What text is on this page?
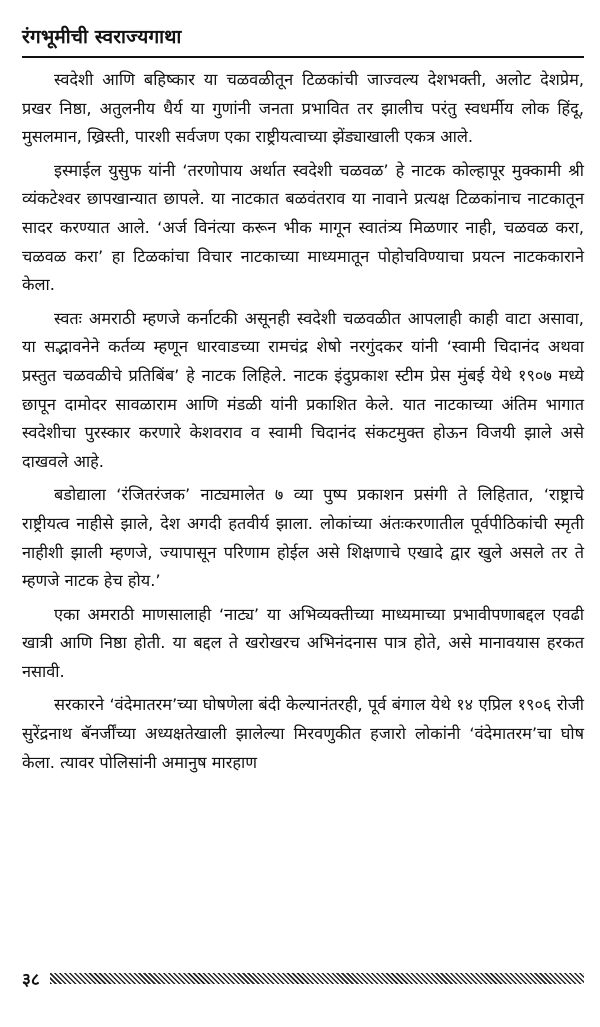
रंगभूमीची स्वराज्यगाथा

स्वदेशी आणि बहिष्कार या चळवळीतून टिळकांची जाज्वल्य देशभक्ती, अलोट देशप्रेम, प्रखर निष्ठा, अतुलनीय धैर्य या गुणांनी जनता प्रभावित तर झालीच परंतु स्वधर्मीय लोक हिंदू, मुसलमान, ख्रिस्ती, पारशी सर्वजण एका राष्ट्रीयत्वाच्या झेंड्याखाली एकत्र आले.

इस्माईल युसुफ यांनी ‘तरणोपाय अर्थात स्वदेशी चळवळ’ हे नाटक कोल्हापूर मुक्कामी श्री व्यंकटेश्वर छापखान्यात छापले. या नाटकात बळवंतराव या नावाने प्रत्यक्ष टिळकांनाच नाटकातून सादर करण्यात आले. ‘अर्ज विनंत्या करून भीक मागून स्वातंत्र्य मिळणार नाही, चळवळ करा, चळवळ करा’ हा टिळकांचा विचार नाटकाच्या माध्यमातून पोहोचविण्याचा प्रयत्न नाटककाराने केला.

स्वतः अमराठी म्हणजे कर्नाटकी असूनही स्वदेशी चळवळीत आपलाही काही वाटा असावा, या सद्भावनेने कर्तव्य म्हणून धारवाडच्या रामचंद्र शेषो नरगुंदकर यांनी ‘स्वामी चिदानंद अथवा प्रस्तुत चळवळीचे प्रतिबिंब’ हे नाटक लिहिले. नाटक इंदुप्रकाश स्टीम प्रेस मुंबई येथे १९०७ मध्ये छापून दामोदर सावळाराम आणि मंडळी यांनी प्रकाशित केले. यात नाटकाच्या अंतिम भागात स्वदेशीचा पुरस्कार करणारे केशवराव व स्वामी चिदानंद संकटमुक्त होऊन विजयी झाले असे दाखवले आहे.

बडोद्याला ‘रंजितरंजक’ नाट्यमालेत ७ व्या पुष्प प्रकाशन प्रसंगी ते लिहितात, ‘राष्ट्राचे राष्ट्रीयत्व नाहीसे झाले, देश अगदी हतवीर्य झाला. लोकांच्या अंतःकरणातील पूर्वपीठिकांची स्मृती नाहीशी झाली म्हणजे, ज्यापासून परिणाम होईल असे शिक्षणाचे एखादे द्वार खुले असले तर ते म्हणजे नाटक हेच होय.’

एका अमराठी माणसालाही ‘नाट्य’ या अभिव्यक्तीच्या माध्यमाच्या प्रभावीपणाबद्दल एवढी खात्री आणि निष्ठा होती. या बद्दल ते खरोखरच अभिनंदनास पात्र होते, असे मानावयास हरकत नसावी.

सरकारने ‘वंदेमातरम’च्या घोषणेला बंदी केल्यानंतरही, पूर्व बंगाल येथे १४ एप्रिल १९०६ रोजी सुरेंद्रनाथ बॅनर्जींच्या अध्यक्षतेखाली झालेल्या मिरवणुकीत हजारो लोकांनी ‘वंदेमातरम’चा घोष केला. त्यावर पोलिसांनी अमानुष मारहाण

३८
